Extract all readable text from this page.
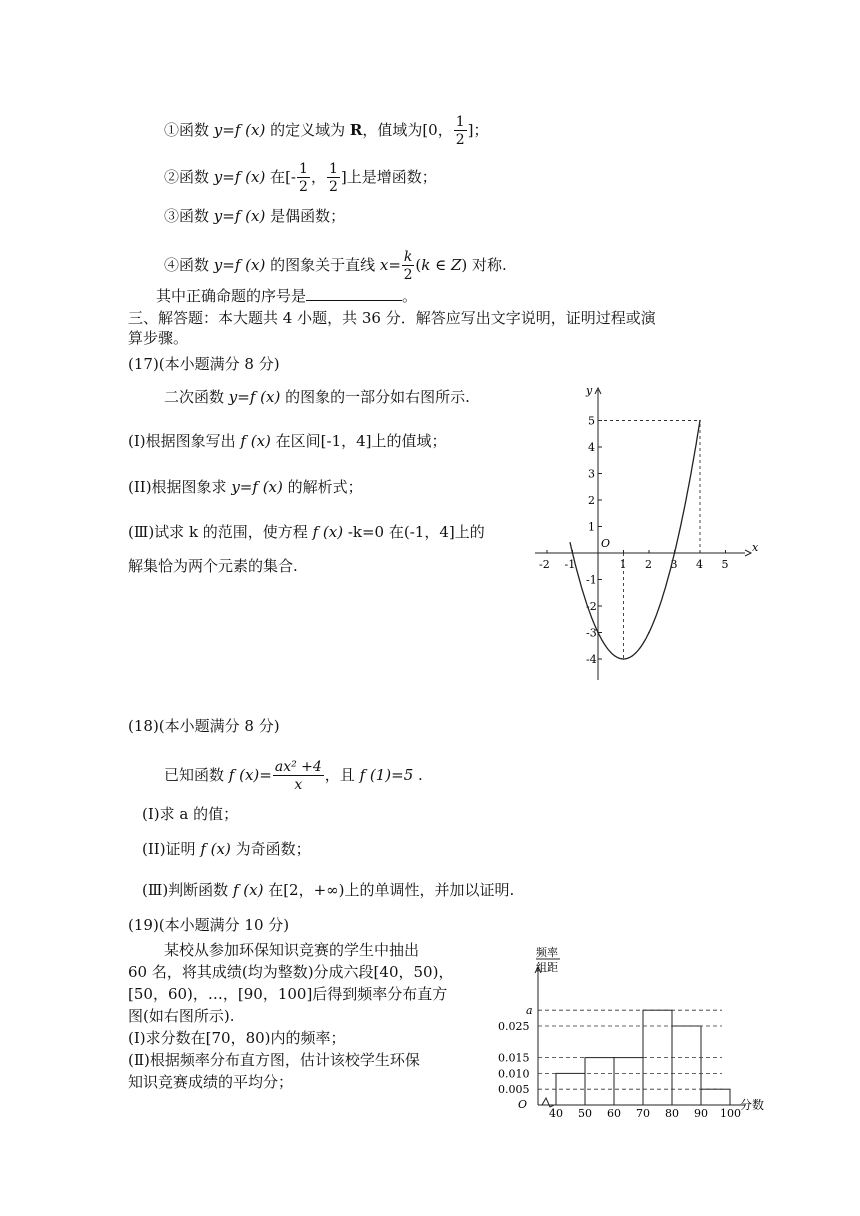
①函数 y=f (x) 的定义域为 R，值域为[0， $\frac{1}{2}$ ]；
②函数 y=f (x) 在[- $\frac{1}{2}$ ， $\frac{1}{2}$ ]上是增函数；
③函数 y=f (x) 是偶函数；
④函数 y=f (x) 的图象关于直线 $x= \frac{k}{2} (k$ ∈ Z) 对称.
其中正确命题的序号是	。
三、解答题：本大题共 4 小题，共 36 分．解答应写出文字说明，证明过程或演
算步骤。
(17)(本小题满分 8 分)
二次函数 y=f (x) 的图象的一部分如右图所示.
(I)根据图象写出 f (x) 在区间[-1，4]上的值域；
(II)根据图象求 y=f (x) 的解析式；
(Ⅲ)试求 k 的范围，使方程 f (x) -k=0 在(-1，4]上的
解集恰为两个元素的集合.
x
y
O
-2 -1	1 2 3 4 5
5
4
3
2
1
-1
-2
-3
-4
(18)(本小题满分 8 分)
已知函数 f $(x)= \frac{\text{ax² +4}}{x}$ ，且 f (1)=5 .
(I)求 a 的值；
(II)证明 f (x) 为奇函数；
(Ⅲ)判断函数 f (x) 在[2，+∞)上的单调性，并加以证明.
(19)(本小题满分 10 分)
某校从参加环保知识竞赛的学生中抽出
60 名，将其成绩(均为整数)分成六段[40，50)，
[50，60)，…，[90，100]后得到频率分布直方
图(如右图所示).
(I)求分数在[70，80)内的频率；
(Ⅱ)根据频率分布直方图，估计该校学生环保
知识竞赛成绩的平均分；
频率
组距
O	分数
a
0.025
0.015
0.010
0.005
40 50 60 70 80 90 100
